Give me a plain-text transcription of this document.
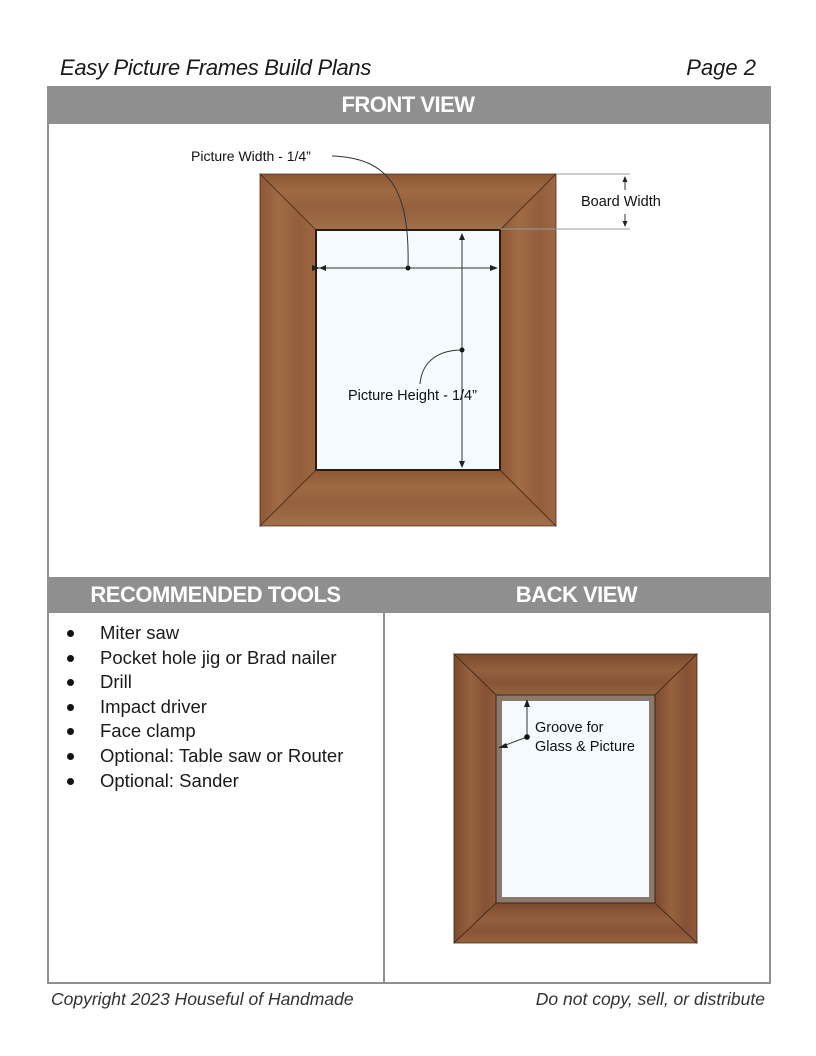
Easy Picture Frames Build Plans	Page 2
FRONT VIEW
Picture Width - 1/4”
Picture Height - 1/4”
Board Width
RECOMMENDED TOOLS	BACK VIEW
Miter saw
Pocket hole jig or Brad nailer
Drill
Impact driver
Face clamp
Optional: Table saw or Router
Optional: Sander
Groove for
Glass & Picture
Copyright 2023 Houseful of Handmade	Do not copy, sell, or distribute
